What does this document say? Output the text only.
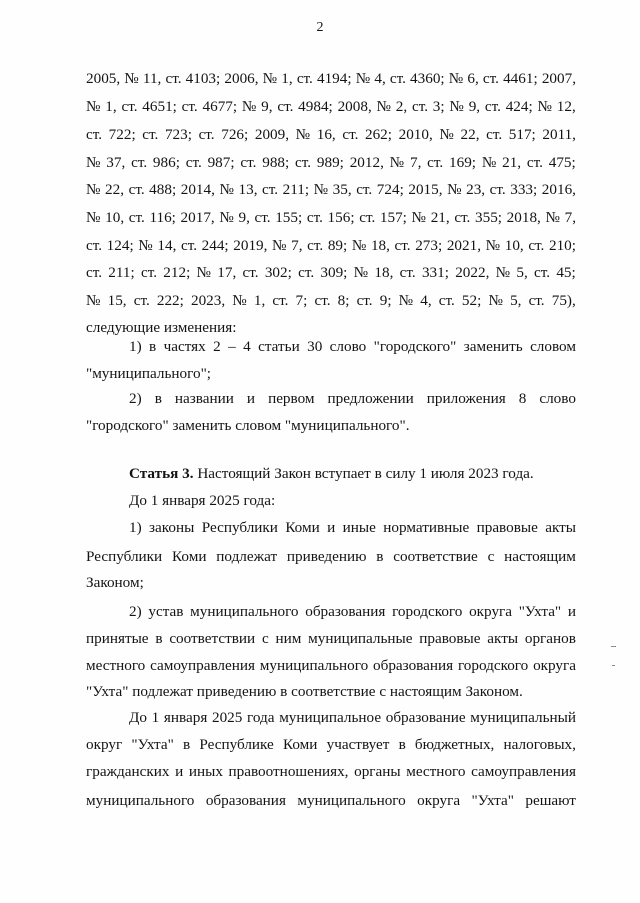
2
2005, № 11, ст. 4103; 2006, № 1, ст. 4194; № 4, ст. 4360; № 6, ст. 4461; 2007,
№ 1, ст. 4651; ст. 4677; № 9, ст. 4984; 2008, № 2, ст. 3; № 9, ст. 424; № 12,
ст. 722; ст. 723; ст. 726; 2009, № 16, ст. 262; 2010, № 22, ст. 517; 2011,
№ 37, ст. 986; ст. 987; ст. 988; ст. 989; 2012, № 7, ст. 169; № 21, ст. 475;
№ 22, ст. 488; 2014, № 13, ст. 211; № 35, ст. 724; 2015, № 23, ст. 333; 2016,
№ 10, ст. 116; 2017, № 9, ст. 155; ст. 156; ст. 157; № 21, ст. 355; 2018, № 7,
ст. 124; № 14, ст. 244; 2019, № 7, ст. 89; № 18, ст. 273; 2021, № 10, ст. 210;
ст. 211; ст. 212; № 17, ст. 302; ст. 309; № 18, ст. 331; 2022, № 5, ст. 45;
№ 15, ст. 222; 2023, № 1, ст. 7; ст. 8; ст. 9; № 4, ст. 52; № 5, ст. 75),
следующие изменения:
1) в частях 2 – 4 статьи 30 слово "городского" заменить словом
"муниципального";
2) в названии и первом предложении приложения 8 слово
"городского" заменить словом "муниципального".
Статья 3. Настоящий Закон вступает в силу 1 июля 2023 года.
До 1 января 2025 года:
1) законы Республики Коми и иные нормативные правовые акты
Республики Коми подлежат приведению в соответствие с настоящим
Законом;
2) устав муниципального образования городского округа "Ухта" и
принятые в соответствии с ним муниципальные правовые акты органов
местного самоуправления муниципального образования городского округа
"Ухта" подлежат приведению в соответствие с настоящим Законом.
До 1 января 2025 года муниципальное образование муниципальный
округ "Ухта" в Республике Коми участвует в бюджетных, налоговых,
гражданских и иных правоотношениях, органы местного самоуправления
муниципального образования муниципального округа "Ухта" решают
